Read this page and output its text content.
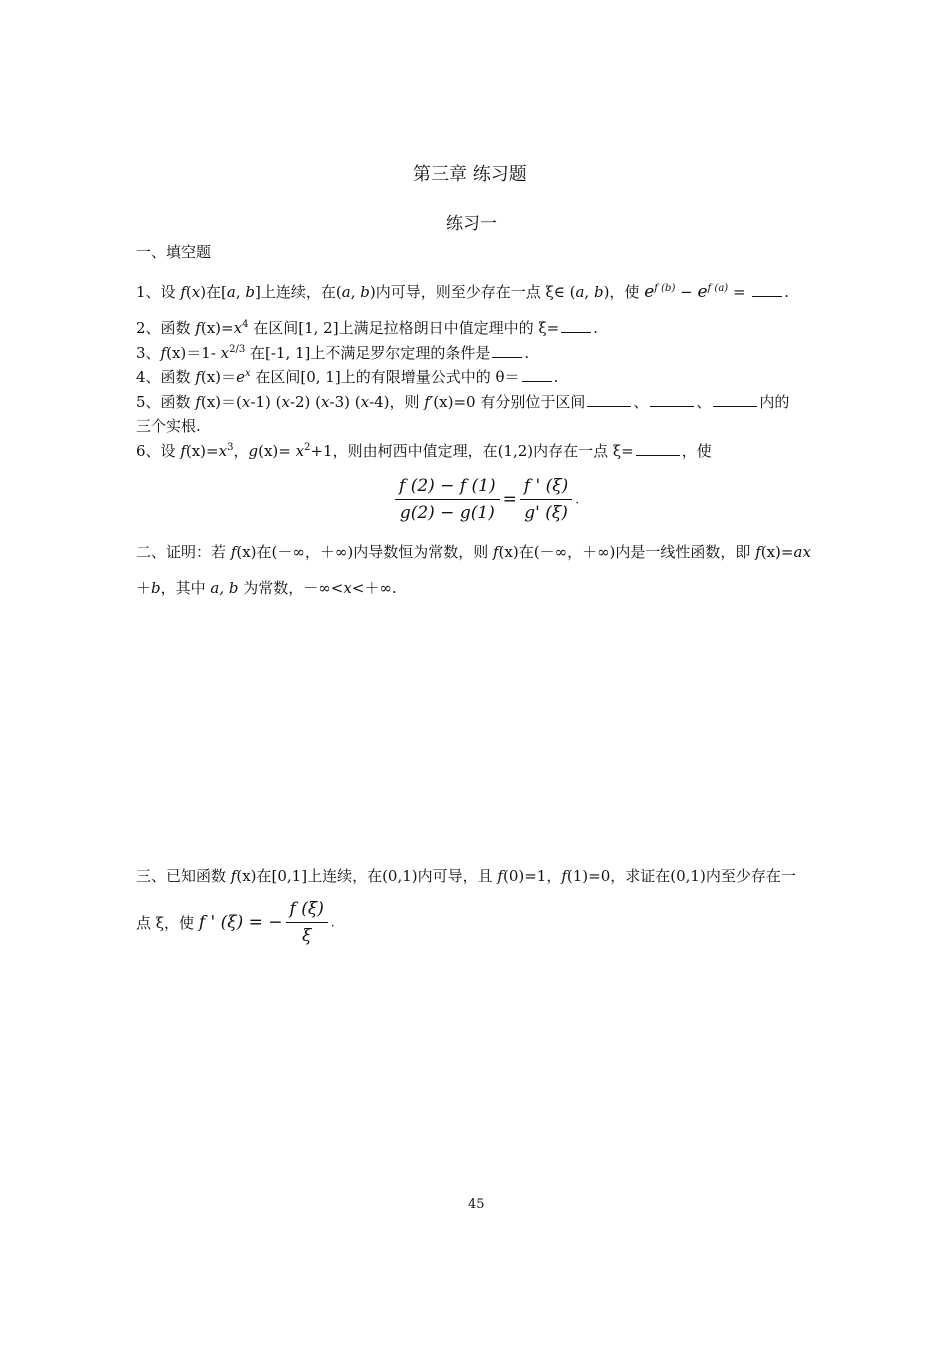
第三章 练习题
练习一
一、填空题
1、设 f(x)在[a, b]上连续，在(a, b)内可导，则至少存在一点 ξ∈ (a, b)，使 $e^{f (b)} - e^{f (a)}$ = .
2、函数 $f(x)=x^4$ 在区间[1, 2]上满足拉格朗日中值定理中的 ξ= .
3、f(x)＝1- $x^{2/3}$ 在[-1, 1]上不满足罗尔定理的条件是 .
4、函数 $f(x)=e^x$ 在区间[0, 1]上的有限增量公式中的 θ＝ .
5、函数 f(x)＝(x-1) (x-2) (x-3) (x-4)，则 f′(x)=0 有分别位于区间	、	、	内的
三个实根.
6、设 $f(x)=x^3$，$g(x)= x^2+1$，则由柯西中值定理，在(1,2)内存在一点 ξ=	，使
$\frac{f (2) - f (1)}{g(2) - g(1)} = \frac{f ' (\xi)}{g' (\xi)}$ .
二、证明：若 f(x)在(－∞，＋∞)内导数恒为常数，则 f(x)在(－∞，＋∞)内是一线性函数，即 f(x)=ax
＋b，其中 a, b 为常数，－∞<x<＋∞.
三、已知函数 f(x)在[0,1]上连续，在(0,1)内可导，且 f(0)=1，f(1)=0，求证在(0,1)内至少存在一
点 ξ，使 f ' (ξ) = − $\frac{f (\xi)}{\xi}$ .
45
